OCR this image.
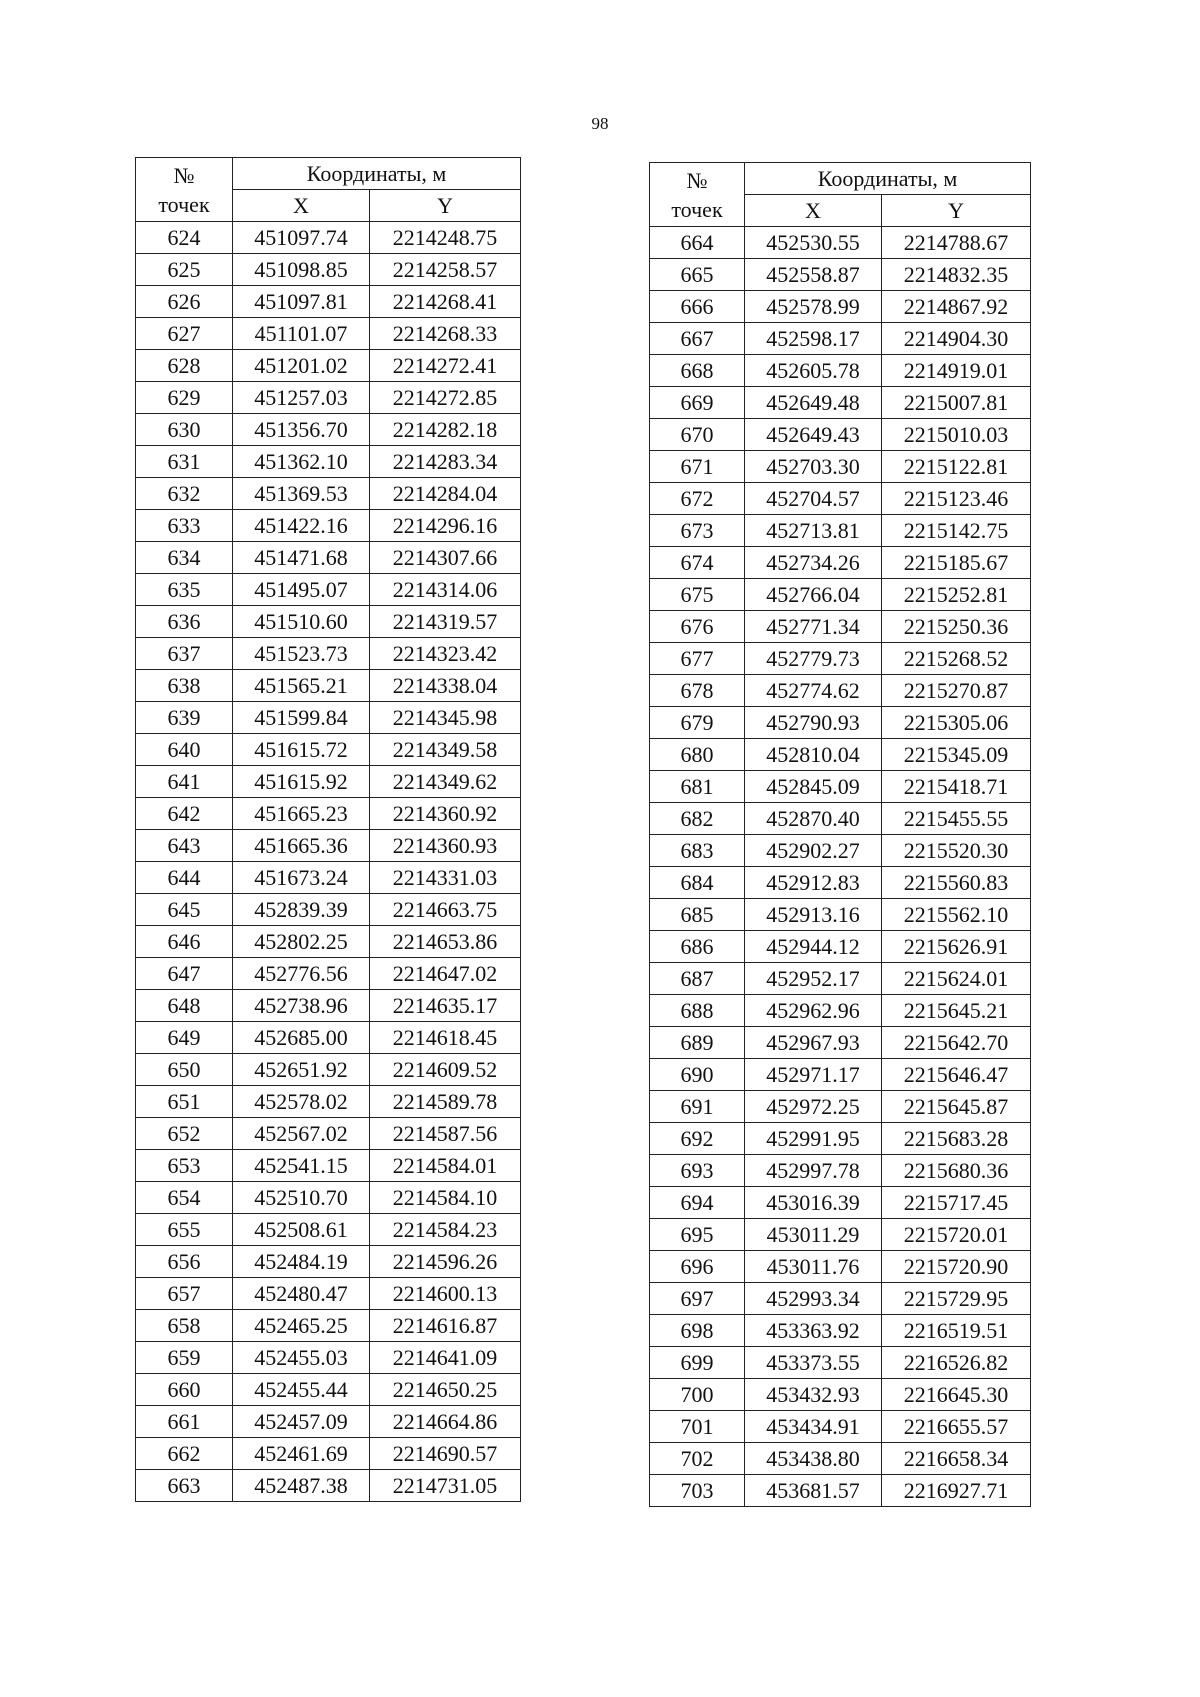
98
№
точек	Координаты, м	
	X	Y
624	451097.74	2214248.75
625	451098.85	2214258.57
626	451097.81	2214268.41
627	451101.07	2214268.33
628	451201.02	2214272.41
629	451257.03	2214272.85
630	451356.70	2214282.18
631	451362.10	2214283.34
632	451369.53	2214284.04
633	451422.16	2214296.16
634	451471.68	2214307.66
635	451495.07	2214314.06
636	451510.60	2214319.57
637	451523.73	2214323.42
638	451565.21	2214338.04
639	451599.84	2214345.98
640	451615.72	2214349.58
641	451615.92	2214349.62
642	451665.23	2214360.92
643	451665.36	2214360.93
644	451673.24	2214331.03
645	452839.39	2214663.75
646	452802.25	2214653.86
647	452776.56	2214647.02
648	452738.96	2214635.17
649	452685.00	2214618.45
650	452651.92	2214609.52
651	452578.02	2214589.78
652	452567.02	2214587.56
653	452541.15	2214584.01
654	452510.70	2214584.10
655	452508.61	2214584.23
656	452484.19	2214596.26
657	452480.47	2214600.13
658	452465.25	2214616.87
659	452455.03	2214641.09
660	452455.44	2214650.25
661	452457.09	2214664.86
662	452461.69	2214690.57
663	452487.38	2214731.05
№
точек	Координаты, м	
	X	Y
664	452530.55	2214788.67
665	452558.87	2214832.35
666	452578.99	2214867.92
667	452598.17	2214904.30
668	452605.78	2214919.01
669	452649.48	2215007.81
670	452649.43	2215010.03
671	452703.30	2215122.81
672	452704.57	2215123.46
673	452713.81	2215142.75
674	452734.26	2215185.67
675	452766.04	2215252.81
676	452771.34	2215250.36
677	452779.73	2215268.52
678	452774.62	2215270.87
679	452790.93	2215305.06
680	452810.04	2215345.09
681	452845.09	2215418.71
682	452870.40	2215455.55
683	452902.27	2215520.30
684	452912.83	2215560.83
685	452913.16	2215562.10
686	452944.12	2215626.91
687	452952.17	2215624.01
688	452962.96	2215645.21
689	452967.93	2215642.70
690	452971.17	2215646.47
691	452972.25	2215645.87
692	452991.95	2215683.28
693	452997.78	2215680.36
694	453016.39	2215717.45
695	453011.29	2215720.01
696	453011.76	2215720.90
697	452993.34	2215729.95
698	453363.92	2216519.51
699	453373.55	2216526.82
700	453432.93	2216645.30
701	453434.91	2216655.57
702	453438.80	2216658.34
703	453681.57	2216927.71
